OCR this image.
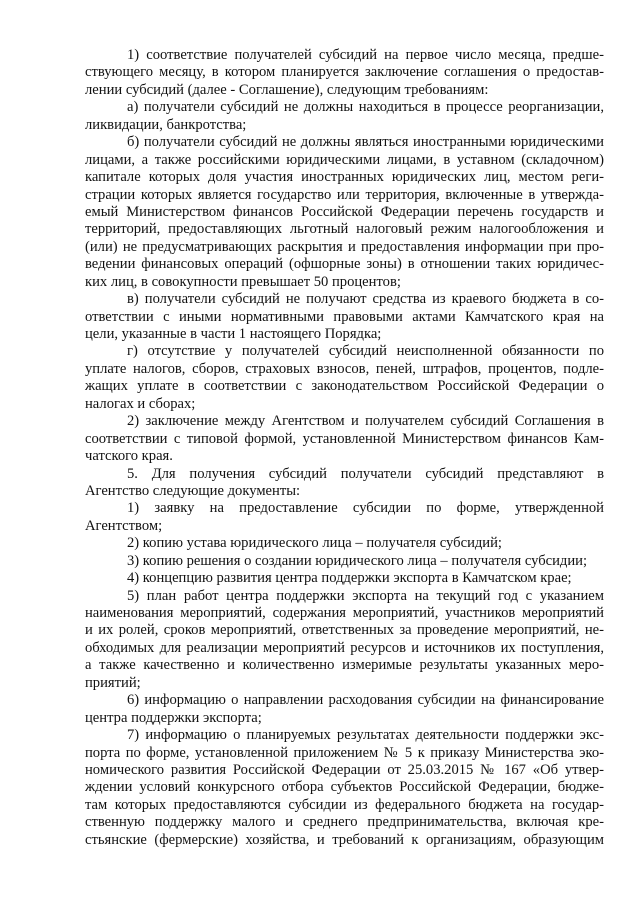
1) соответствие получателей субсидий на первое число месяца, предше-
ствующего месяцу, в котором планируется заключение соглашения о предостав-
лении субсидий (далее - Соглашение), следующим требованиям:
а) получатели субсидий не должны находиться в процессе реорганизации,
ликвидации, банкротства;
б) получатели субсидий не должны являться иностранными юридическими
лицами, а также российскими юридическими лицами, в уставном (складочном)
капитале которых доля участия иностранных юридических лиц, местом реги-
страции которых является государство или территория, включенные в утвержда-
емый Министерством финансов Российской Федерации перечень государств и
территорий, предоставляющих льготный налоговый режим налогообложения и
(или) не предусматривающих раскрытия и предоставления информации при про-
ведении финансовых операций (офшорные зоны) в отношении таких юридичес-
ких лиц, в совокупности превышает 50 процентов;
в) получатели субсидий не получают средства из краевого бюджета в со-
ответствии с иными нормативными правовыми актами Камчатского края на
цели, указанные в части 1 настоящего Порядка;
г) отсутствие у получателей субсидий неисполненной обязанности по
уплате налогов, сборов, страховых взносов, пеней, штрафов, процентов, подле-
жащих уплате в соответствии с законодательством Российской Федерации о
налогах и сборах;
2) заключение между Агентством и получателем субсидий Соглашения в
соответствии с типовой формой, установленной Министерством финансов Кам-
чатского края.
5. Для получения субсидий получатели субсидий представляют в
Агентство следующие документы:
1) заявку на предоставление субсидии по форме, утвержденной
Агентством;
2) копию устава юридического лица – получателя субсидий;
3) копию решения о создании юридического лица – получателя субсидии;
4) концепцию развития центра поддержки экспорта в Камчатском крае;
5) план работ центра поддержки экспорта на текущий год с указанием
наименования мероприятий, содержания мероприятий, участников мероприятий
и их ролей, сроков мероприятий, ответственных за проведение мероприятий, не-
обходимых для реализации мероприятий ресурсов и источников их поступления,
а также качественно и количественно измеримые результаты указанных меро-
приятий;
6) информацию о направлении расходования субсидии на финансирование
центра поддержки экспорта;
7) информацию о планируемых результатах деятельности поддержки экс-
порта по форме, установленной приложением № 5 к приказу Министерства эко-
номического развития Российской Федерации от 25.03.2015 № 167 «Об утвер-
ждении условий конкурсного отбора субъектов Российской Федерации, бюдже-
там которых предоставляются субсидии из федерального бюджета на государ-
ственную поддержку малого и среднего предпринимательства, включая кре-
стьянские (фермерские) хозяйства, и требований к организациям, образующим
